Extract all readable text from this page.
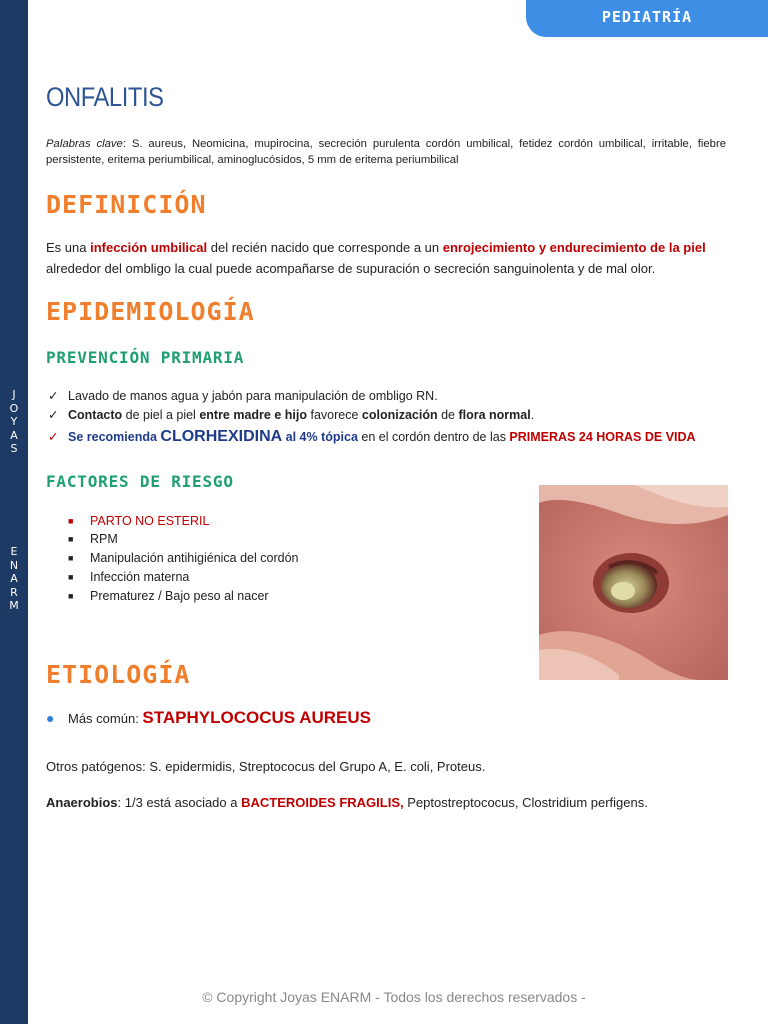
J
O
Y
A
S
E
N
A
R
M
PEDIATRÍA
ONFALITIS
Palabras clave: S. aureus, Neomicina, mupirocina, secreción purulenta cordón umbilical, fetidez cordón umbilical, irritable, fiebre persistente, eritema periumbilical, aminoglucósidos, 5 mm de eritema periumbilical
DEFINICIÓN
Es una infección umbilical del recién nacido que corresponde a un enrojecimiento y endurecimiento de la piel alrededor del ombligo la cual puede acompañarse de supuración o secreción sanguinolenta y de mal olor.
EPIDEMIOLOGÍA
PREVENCIÓN PRIMARIA
✓ Lavado de manos agua y jabón para manipulación de ombligo RN.
✓ Contacto de piel a piel entre madre e hijo favorece colonización de flora normal.
✓ Se recomienda CLORHEXIDINA al 4% tópica en el cordón dentro de las PRIMERAS 24 HORAS DE VIDA
FACTORES DE RIESGO
■ PARTO NO ESTERIL
■ RPM
■ Manipulación antihigiénica del cordón
■ Infección materna
■ Prematurez / Bajo peso al nacer
ETIOLOGÍA
● Más común: STAPHYLOCOCUS AUREUS
Otros patógenos: S. epidermidis, Streptococus del Grupo A, E. coli, Proteus.
Anaerobios: 1/3 está asociado a BACTEROIDES FRAGILIS, Peptostreptococus, Clostridium perfigens.
© Copyright Joyas ENARM - Todos los derechos reservados -
